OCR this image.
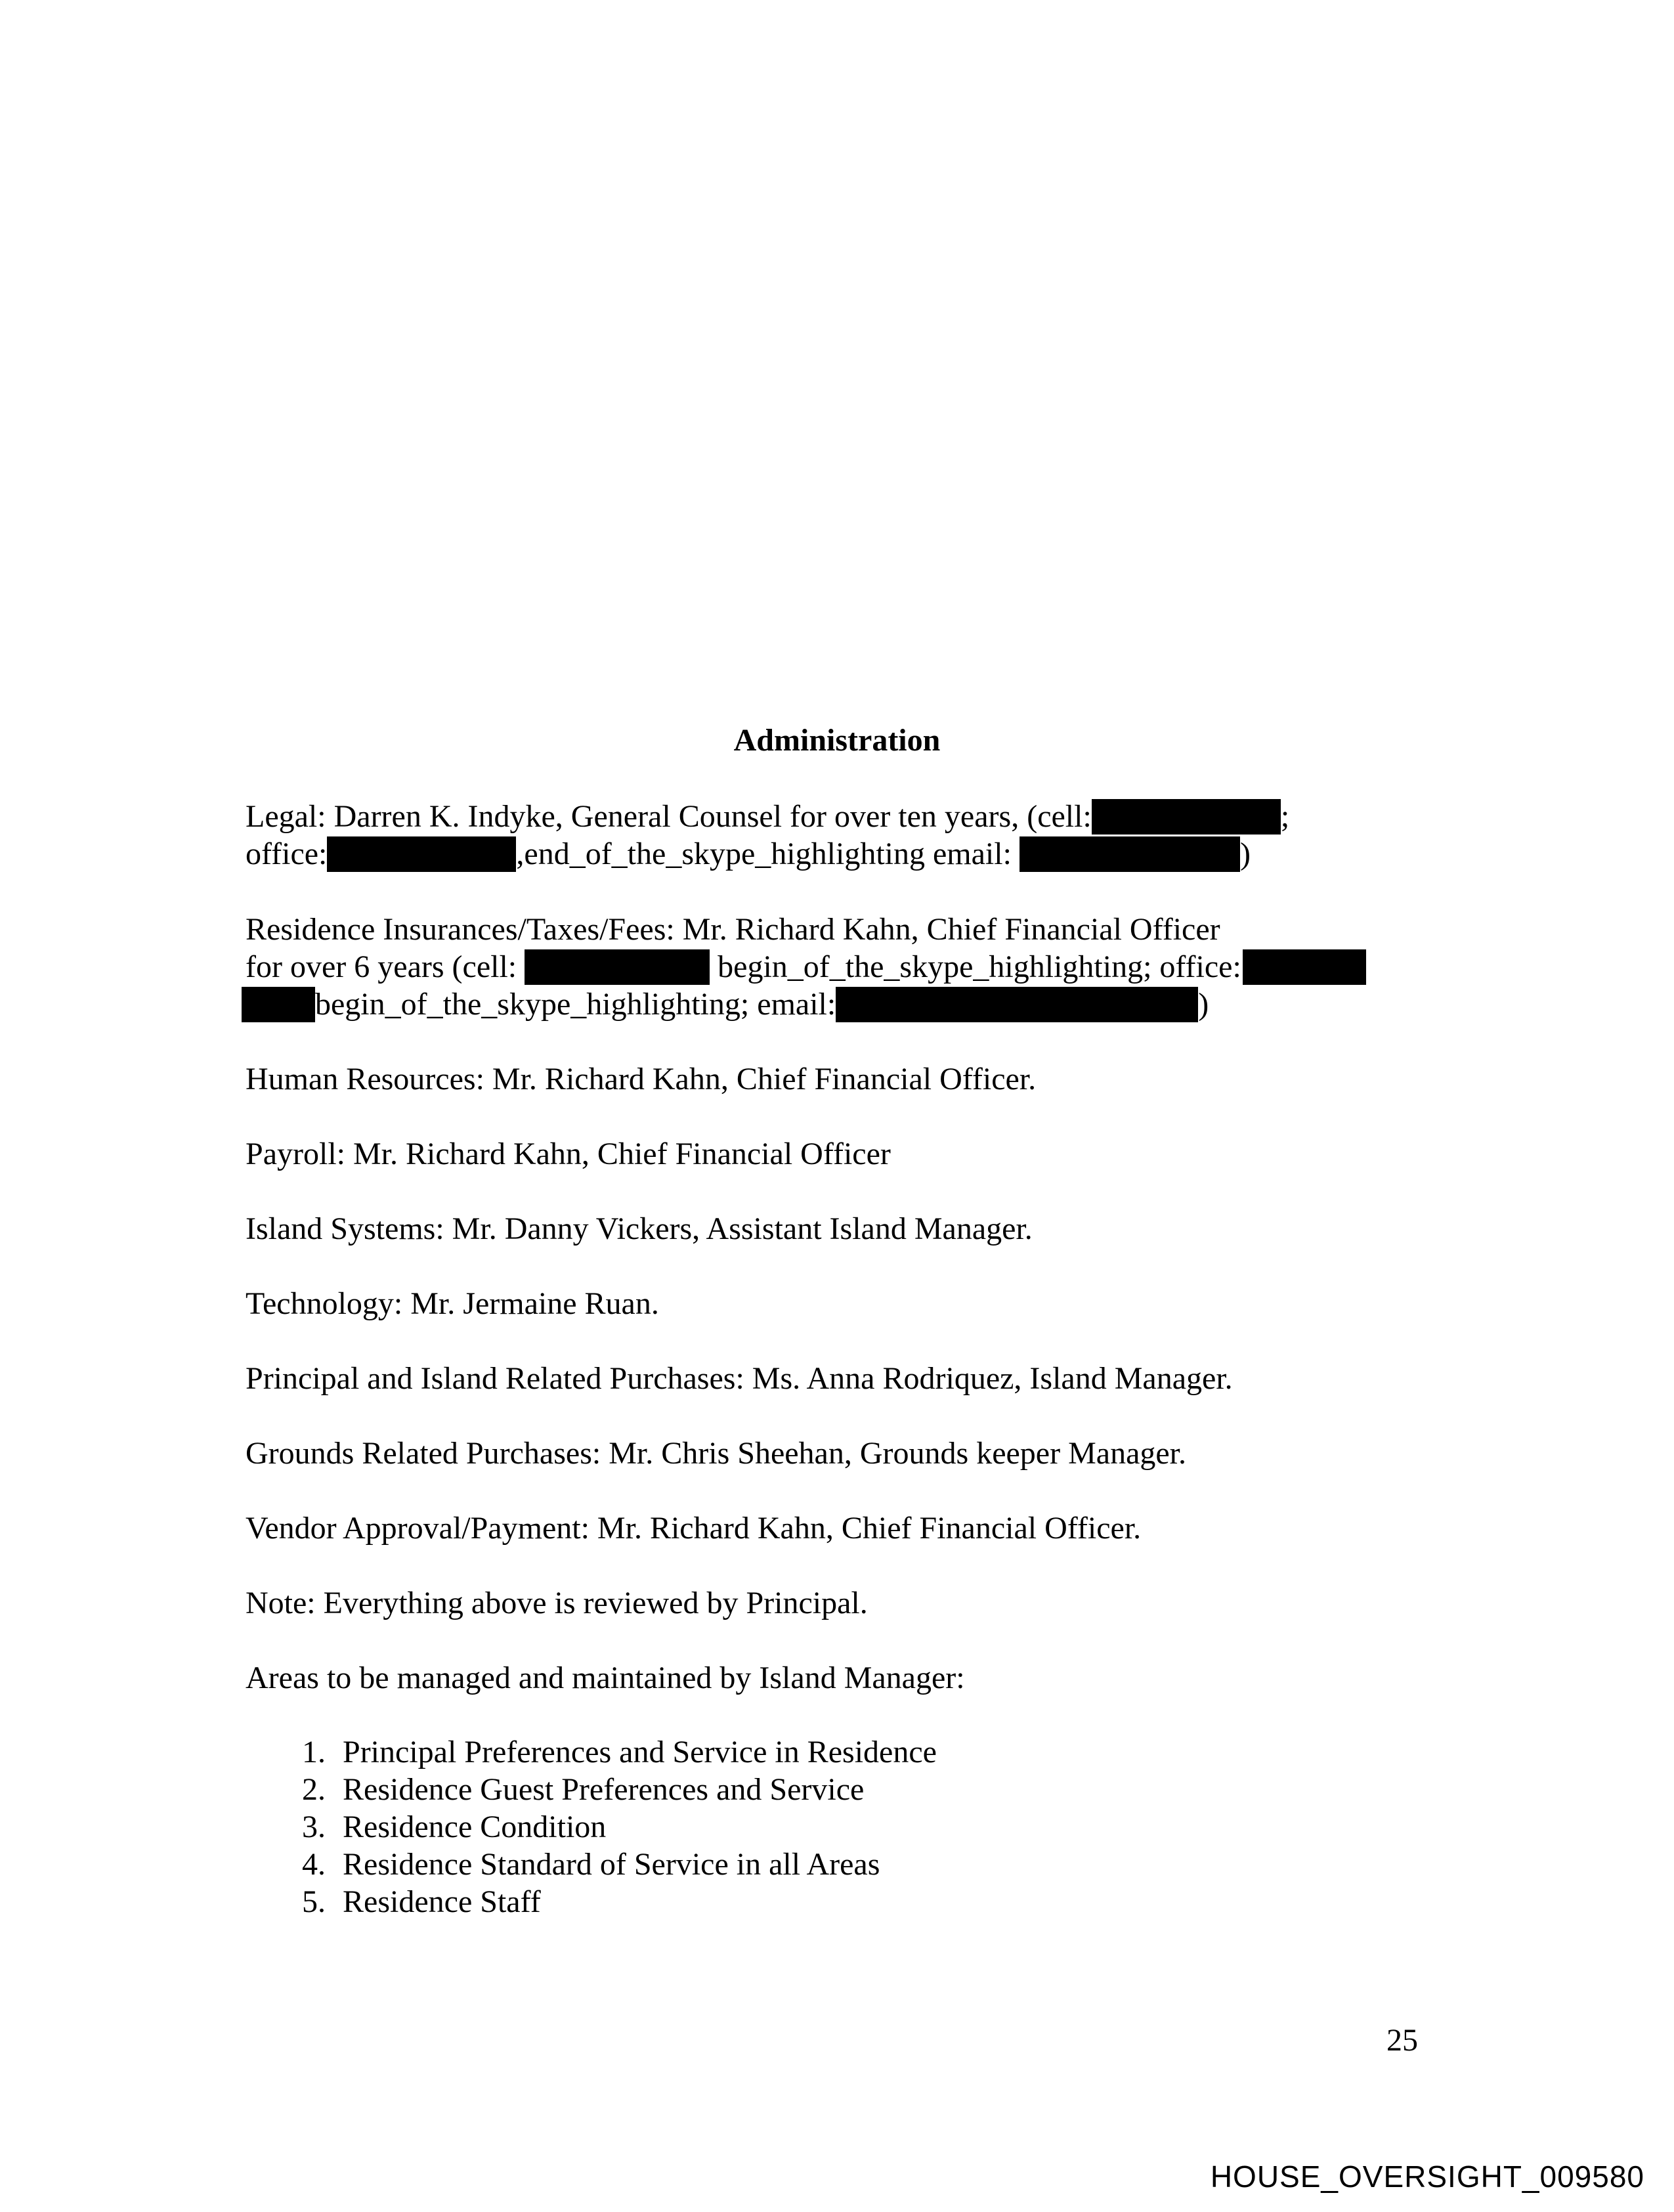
Administration
Legal: Darren K. Indyke, General Counsel for over ten years, (cell:	;
office:	,end_of_the_skype_highlighting email:	)
Residence Insurances/Taxes/Fees: Mr. Richard Kahn, Chief Financial Officer
for over 6 years (cell:	begin_of_the_skype_highlighting; office:
begin_of_the_skype_highlighting; email:	)
Human Resources: Mr. Richard Kahn, Chief Financial Officer.
Payroll: Mr. Richard Kahn, Chief Financial Officer
Island Systems: Mr. Danny Vickers, Assistant Island Manager.
Technology: Mr. Jermaine Ruan.
Principal and Island Related Purchases: Ms. Anna Rodriquez, Island Manager.
Grounds Related Purchases: Mr. Chris Sheehan, Grounds keeper Manager.
Vendor Approval/Payment: Mr. Richard Kahn, Chief Financial Officer.
Note: Everything above is reviewed by Principal.
Areas to be managed and maintained by Island Manager:
1. Principal Preferences and Service in Residence
2. Residence Guest Preferences and Service
3. Residence Condition
4. Residence Standard of Service in all Areas
5. Residence Staff
25
HOUSE_OVERSIGHT_009580
